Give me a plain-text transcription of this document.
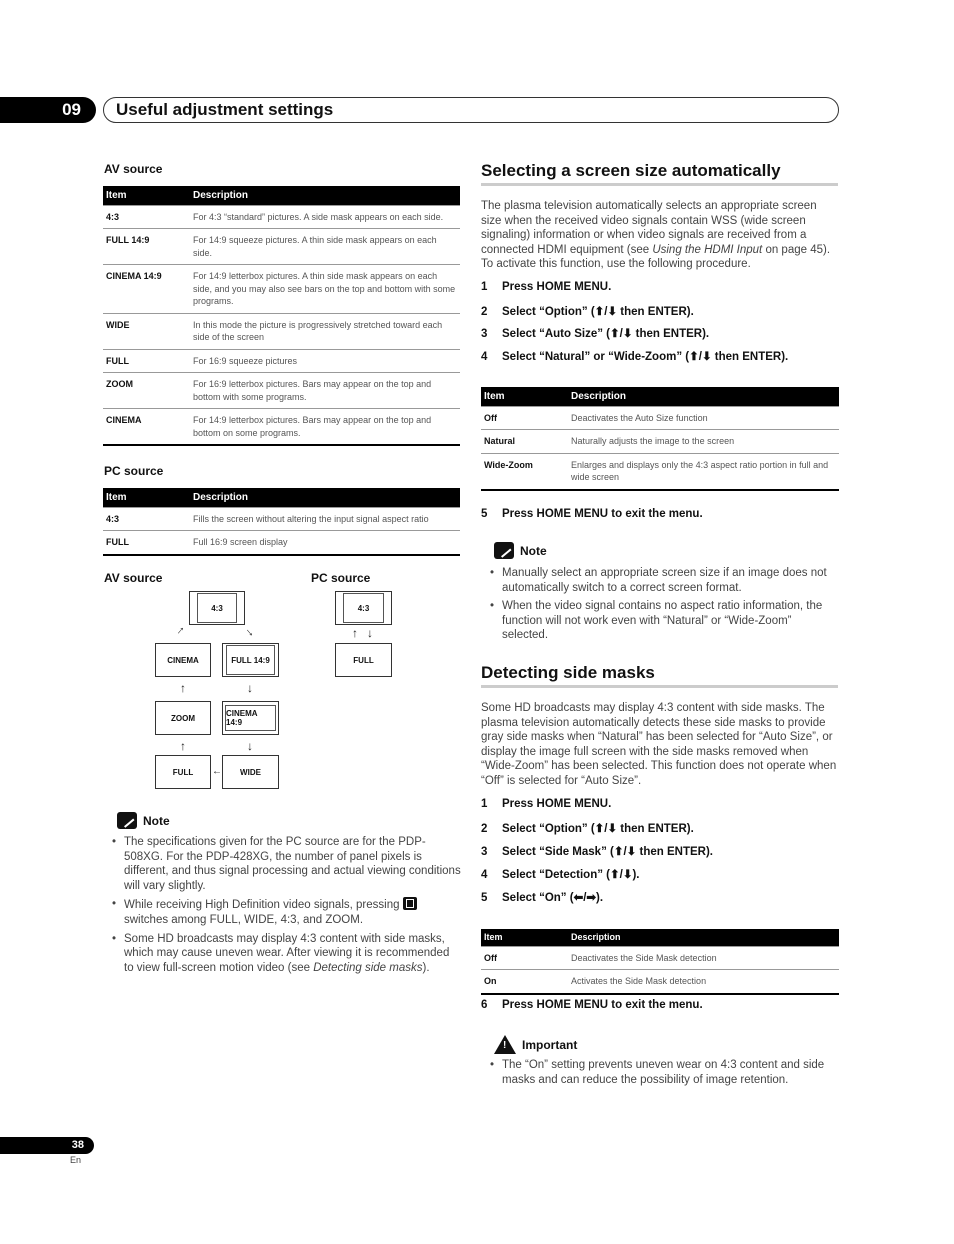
09	Useful adjustment settings
AV source
Item	Description
4:3	For 4:3 “standard” pictures. A side mask appears on each side.
FULL 14:9	For 14:9 squeeze pictures. A thin side mask appears on each side.
CINEMA 14:9	For 14:9 letterbox pictures. A thin side mask appears on each side, and you may also see bars on the top and bottom with some programs.
WIDE	In this mode the picture is progressively stretched toward each side of the screen
FULL	For 16:9 squeeze pictures
ZOOM	For 16:9 letterbox pictures. Bars may appear on the top and bottom with some programs.
CINEMA	For 14:9 letterbox pictures. Bars may appear on the top and bottom on some programs.
PC source
Item	Description
4:3	Fills the screen without altering the input signal aspect ratio
FULL	Full 16:9 screen display
AV source	PC source
4:3
CINEMA	FULL 14:9
ZOOM	CINEMA 14:9
FULL	WIDE
↑	↓
↑	↓
↑	↓
←
4:3
↑ ↓
FULL
Note
• The specifications given for the PC source are for the PDP-508XG. For the PDP-428XG, the number of panel pixels is different, and thus signal processing and actual viewing conditions will vary slightly.
• While receiving High Definition video signals, pressing
switches among FULL, WIDE, 4:3, and ZOOM.
• Some HD broadcasts may display 4:3 content with side masks, which may cause uneven wear. After viewing it is recommended to view full-screen motion video (see Detecting side masks).
Selecting a screen size automatically
The plasma television automatically selects an appropriate screen size when the received video signals contain WSS (wide screen signaling) information or when video signals are received from a connected HDMI equipment (see Using the HDMI Input on page 45). To activate this function, use the following procedure.
1 Press HOME MENU.
2 Select “Option” (⬆/⬇ then ENTER).
3 Select “Auto Size” (⬆/⬇ then ENTER).
4 Select “Natural” or “Wide-Zoom” (⬆/⬇ then ENTER).
Item	Description
Off	Deactivates the Auto Size function
Natural	Naturally adjusts the image to the screen
Wide-Zoom	Enlarges and displays only the 4:3 aspect ratio portion in full and wide screen
5 Press HOME MENU to exit the menu.
Note
• Manually select an appropriate screen size if an image does not automatically switch to a correct screen format.
• When the video signal contains no aspect ratio information, the function will not work even with “Natural” or “Wide-Zoom” selected.
Detecting side masks
Some HD broadcasts may display 4:3 content with side masks. The plasma television automatically detects these side masks to provide gray side masks when “Natural” has been selected for “Auto Size”, or display the image full screen with the side masks removed when “Wide-Zoom” has been selected. This function does not operate when “Off” is selected for “Auto Size”.
1 Press HOME MENU.
2 Select “Option” (⬆/⬇ then ENTER).
3 Select “Side Mask” (⬆/⬇ then ENTER).
4 Select “Detection” (⬆/⬇).
5 Select “On” (⬅/➡).
Item	Description
Off	Deactivates the Side Mask detection
On	Activates the Side Mask detection
6 Press HOME MENU to exit the menu.
! Important
• The “On” setting prevents uneven wear on 4:3 content and side masks and can reduce the possibility of image retention.
38
En
